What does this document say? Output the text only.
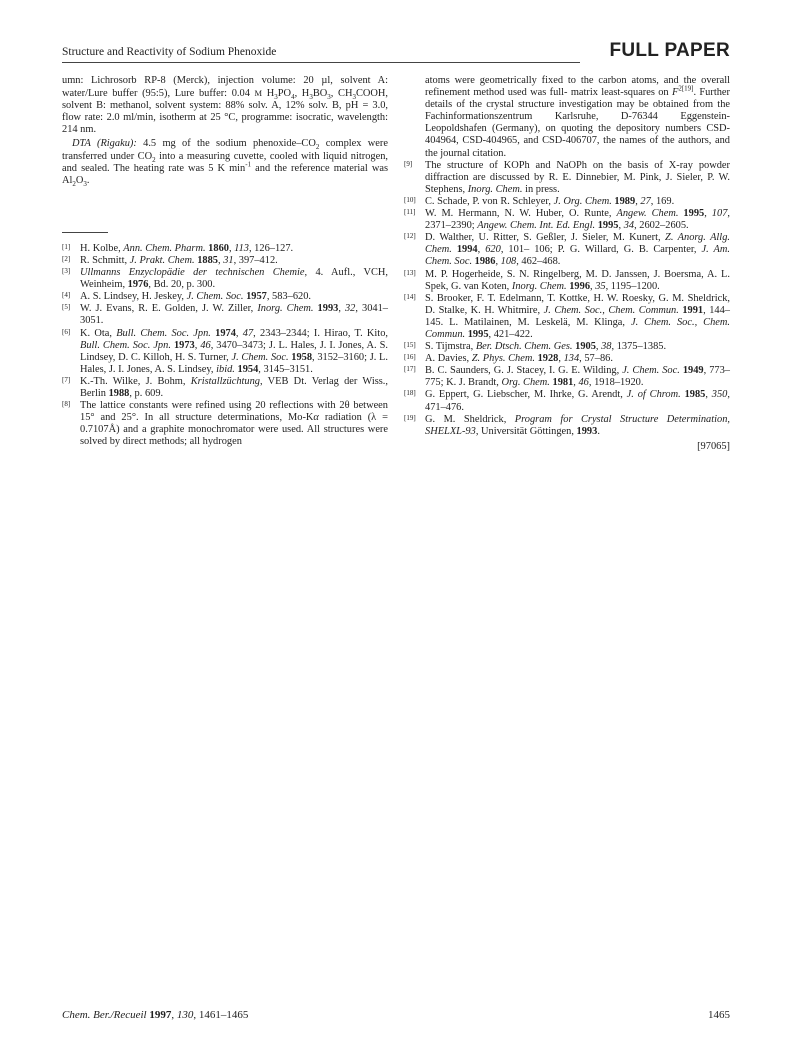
Structure and Reactivity of Sodium Phenoxide	FULL PAPER

umn: Lichrosorb RP-8 (Merck), injection volume: 20 µl, solvent A: water/Lure buffer (95:5), Lure buffer: 0.04 M $H_3PO_4$, $H_3BO_3$, $CH_3COOH$, solvent B: methanol, solvent system: 88% solv. A, 12% solv. B, pH = 3.0, flow rate: 2.0 ml/min, isotherm at 25 °C, programme: isocratic, wavelength: 214 nm.

DTA (Rigaku): 4.5 mg of the sodium phenoxide–$CO_2$ complex were transferred under $CO_2$ into a measuring cuvette, cooled with liquid nitrogen, and sealed. The heating rate was 5 K $\min^{-1}$ and the reference material was $Al_2O_3$.

[1] H. Kolbe, Ann. Chem. Pharm. 1860, 113, 126–127.

[2] R. Schmitt, J. Prakt. Chem. 1885, 31, 397–412.

[3] Ullmanns Enzyclopädie der technischen Chemie, 4. Aufl., VCH, Weinheim, 1976, Bd. 20, p. 300.

[4] A. S. Lindsey, H. Jeskey, J. Chem. Soc. 1957, 583–620.

[5] W. J. Evans, R. E. Golden, J. W. Ziller, Inorg. Chem. 1993, 32, 3041–3051.

[6] K. Ota, Bull. Chem. Soc. Jpn. 1974, 47, 2343–2344; I. Hirao, T. Kito, Bull. Chem. Soc. Jpn. 1973, 46, 3470–3473; J. L. Hales, J. I. Jones, A. S. Lindsey, D. C. Killoh, H. S. Turner, J. Chem. Soc. 1958, 3152–3160; J. L. Hales, J. I. Jones, A. S. Lindsey, ibid. 1954, 3145–3151.

[7] K.-Th. Wilke, J. Bohm, Kristallzüchtung, VEB Dt. Verlag der Wiss., Berlin 1988, p. 609.

[8] The lattice constants were refined using 20 reflections with 2θ between 15° and 25°. In all structure determinations, Mo-Kα radiation (λ = 0.7107Å) and a graphite monochromator were used. All structures were solved by direct methods; all hydrogen

atoms were geometrically fixed to the carbon atoms, and the overall refinement method used was full- matrix least-squares on $F^{2[19]}$. Further details of the crystal structure investigation may be obtained from the Fachinformationszentrum Karlsruhe, D-76344 Eggenstein-Leopoldshafen (Germany), on quoting the depository numbers CSD-404964, CSD-404965, and CSD-406707, the names of the authors, and the journal citation.

[9] The structure of KOPh and NaOPh on the basis of X-ray powder diffraction are discussed by R. E. Dinnebier, M. Pink, J. Sieler, P. W. Stephens, Inorg. Chem. in press.

[10] C. Schade, P. von R. Schleyer, J. Org. Chem. 1989, 27, 169.

[11] W. M. Hermann, N. W. Huber, O. Runte, Angew. Chem. 1995, 107, 2371–2390; Angew. Chem. Int. Ed. Engl. 1995, 34, 2602–2605.

[12] D. Walther, U. Ritter, S. Geßler, J. Sieler, M. Kunert, Z. Anorg. Allg. Chem. 1994, 620, 101– 106; P. G. Willard, G. B. Carpenter, J. Am. Chem. Soc. 1986, 108, 462–468.

[13] M. P. Hogerheide, S. N. Ringelberg, M. D. Janssen, J. Boersma, A. L. Spek, G. van Koten, Inorg. Chem. 1996, 35, 1195–1200.

[14] S. Brooker, F. T. Edelmann, T. Kottke, H. W. Roesky, G. M. Sheldrick, D. Stalke, K. H. Whitmire, J. Chem. Soc., Chem. Commun. 1991, 144–145. L. Matilainen, M. Leskelä, M. Klinga, J. Chem. Soc., Chem. Commun. 1995, 421–422.

[15] S. Tijmstra, Ber. Dtsch. Chem. Ges. 1905, 38, 1375–1385.

[16] A. Davies, Z. Phys. Chem. 1928, 134, 57–86.

[17] B. C. Saunders, G. J. Stacey, I. G. E. Wilding, J. Chem. Soc. 1949, 773–775; K. J. Brandt, Org. Chem. 1981, 46, 1918–1920.

[18] G. Eppert, G. Liebscher, M. Ihrke, G. Arendt, J. of Chrom. 1985, 350, 471–476.

[19] G. M. Sheldrick, Program for Crystal Structure Determination, SHELXL-93, Universität Göttingen, 1993.

[97065]
Chem. Ber./Recueil 1997, 130, 1461–1465	1465
